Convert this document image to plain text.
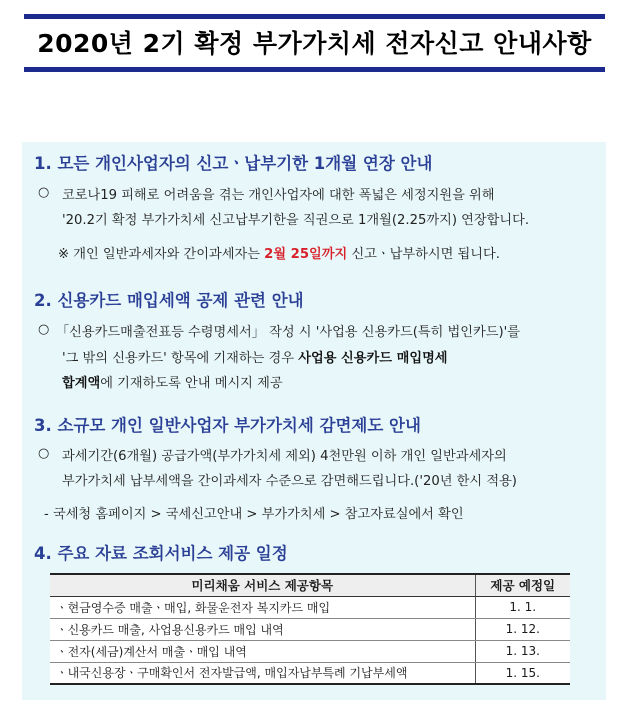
2020년 2기 확정 부가가치세 전자신고 안내사항
1. 모든 개인사업자의 신고ㆍ납부기한 1개월 연장 안내
○ 코로나19 피해로 어려움을 겪는 개인사업자에 대한 폭넓은 세정지원을 위해
'20.2기 확정 부가가치세 신고납부기한을 직권으로 1개월(2.25까지) 연장합니다.
※ 개인 일반과세자와 간이과세자는 2월 25일까지 신고ㆍ납부하시면 됩니다.
2. 신용카드 매입세액 공제 관련 안내
○ 「신용카드매출전표등 수령명세서」 작성 시 '사업용 신용카드(특히 법인카드)'를
'그 밖의 신용카드' 항목에 기재하는 경우 사업용 신용카드 매입명세
합계액에 기재하도록 안내 메시지 제공
3. 소규모 개인 일반사업자 부가가치세 감면제도 안내
○ 과세기간(6개월) 공급가액(부가가치세 제외) 4천만원 이하 개인 일반과세자의
부가가치세 납부세액을 간이과세자 수준으로 감면해드립니다.('20년 한시 적용)
- 국세청 홈페이지 > 국세신고안내 > 부가가치세 > 참고자료실에서 확인
4. 주요 자료 조회서비스 제공 일정
미리채움 서비스 제공항목	제공 예정일
ㆍ현금영수증 매출ㆍ매입, 화물운전자 복지카드 매입	1. 1.
ㆍ신용카드 매출, 사업용신용카드 매입 내역	1. 12.
ㆍ전자(세금)계산서 매출ㆍ매입 내역	1. 13.
ㆍ내국신용장ㆍ구매확인서 전자발급액, 매입자납부특례 기납부세액	1. 15.
